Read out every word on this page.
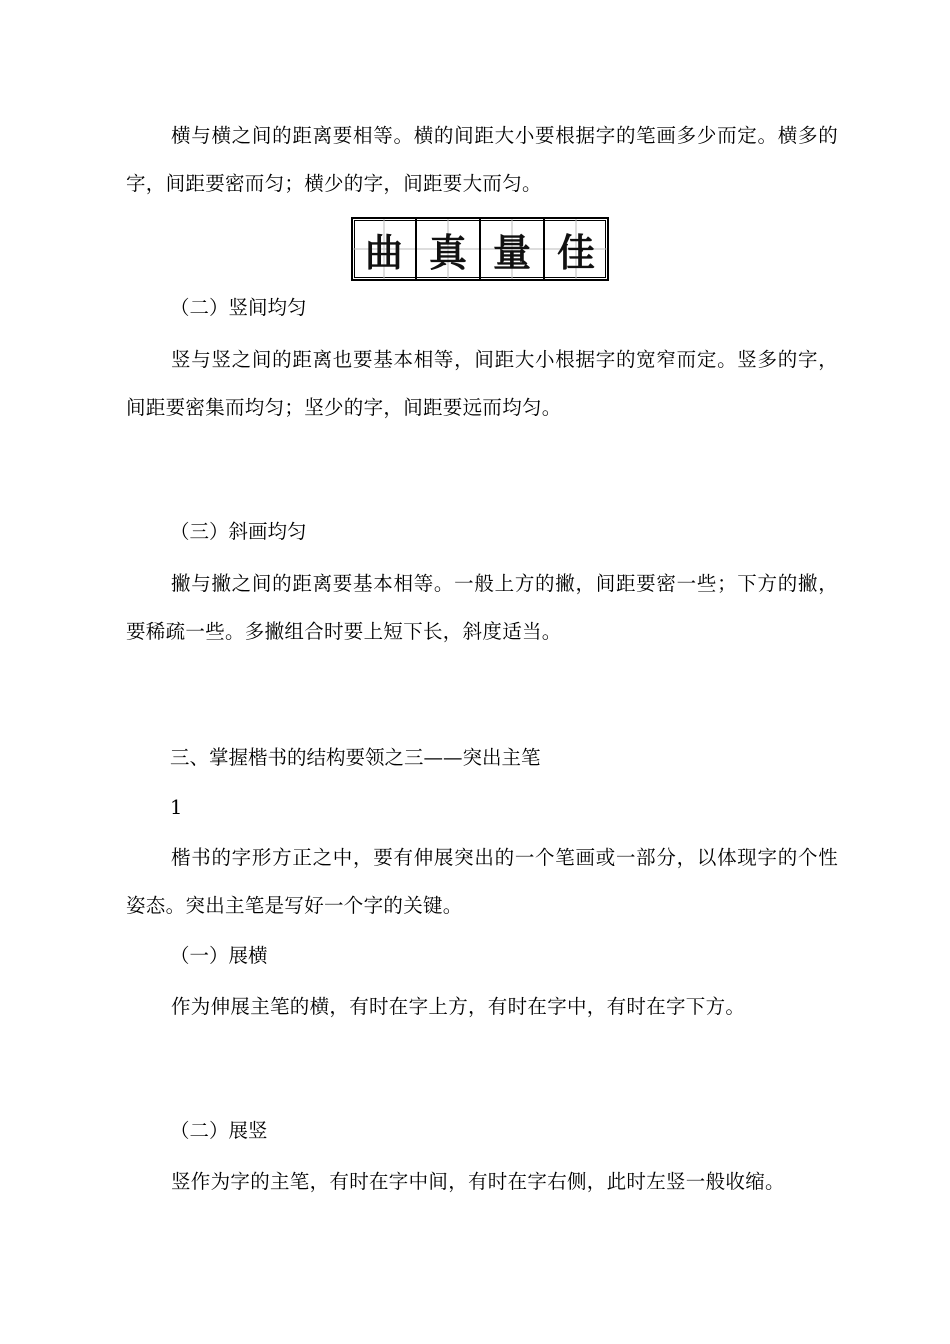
横与横之间的距离要相等。横的间距大小要根据字的笔画多少而定。横多的字，间距要密而匀；横少的字，间距要大而匀。

曲 真 量 佳

（二）竖间均匀

竖与竖之间的距离也要基本相等，间距大小根据字的宽窄而定。竖多的字，间距要密集而均匀；坚少的字，间距要远而均匀。

（三）斜画均匀

撇与撇之间的距离要基本相等。一般上方的撇，间距要密一些；下方的撇，要稀疏一些。多撇组合时要上短下长，斜度适当。

三、掌握楷书的结构要领之三——突出主笔

1

楷书的字形方正之中，要有伸展突出的一个笔画或一部分，以体现字的个性姿态。突出主笔是写好一个字的关键。

（一）展横

作为伸展主笔的横，有时在字上方，有时在字中，有时在字下方。

（二）展竖

竖作为字的主笔，有时在字中间，有时在字右侧，此时左竖一般收缩。
